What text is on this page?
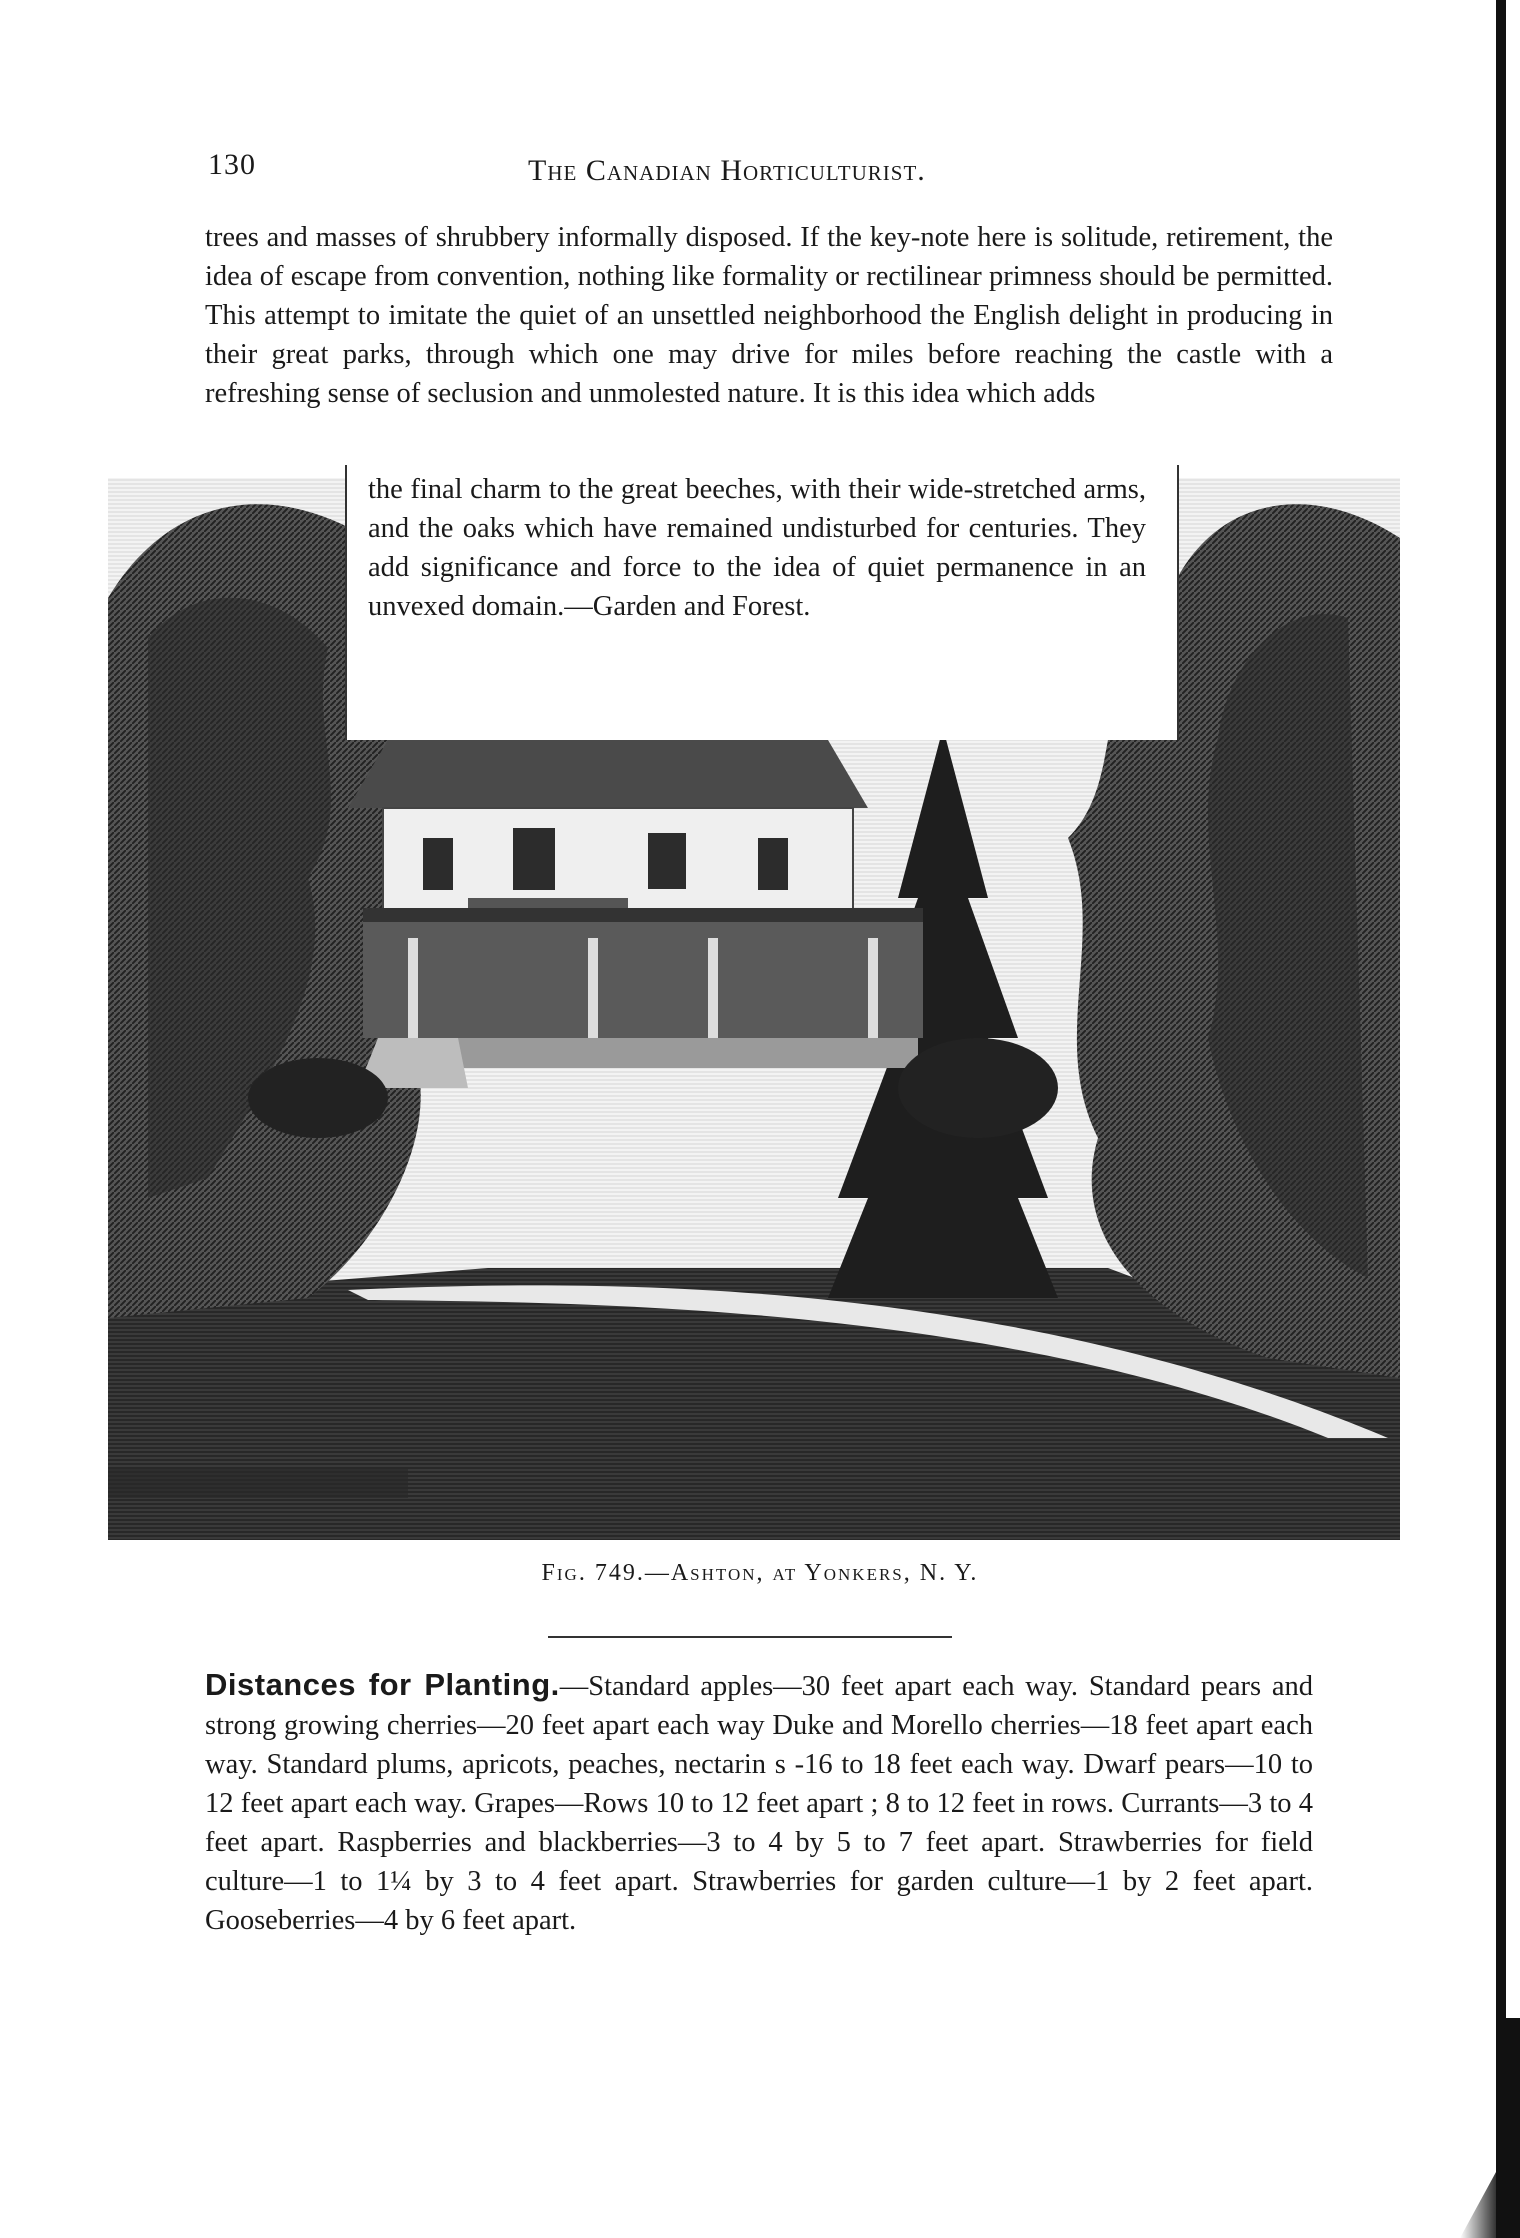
130	The Canadian Horticulturist.

trees and masses of shrubbery informally disposed. If the key-note here is solitude, retirement, the idea of escape from convention, nothing like formality or rectilinear primness should be permitted. This attempt to imitate the quiet of an unsettled neighborhood the English delight in producing in their great parks, through which one may drive for miles before reaching the castle with a refreshing sense of seclusion and unmolested nature. It is this idea which adds

the final charm to the great beeches, with their wide-stretched arms, and the oaks which have remained undisturbed for centuries. They add significance and force to the idea of quiet permanence in an unvexed domain.—Garden and Forest.

Fig. 749.—Ashton, at Yonkers, N. Y.

Distances for Planting.—Standard apples—30 feet apart each way. Standard pears and strong growing cherries—20 feet apart each way Duke and Morello cherries—18 feet apart each way. Standard plums, apricots, peaches, nectarin s -16 to 18 feet each way. Dwarf pears—10 to 12 feet apart each way. Grapes—Rows 10 to 12 feet apart ; 8 to 12 feet in rows. Currants—3 to 4 feet apart. Raspberries and blackberries—3 to 4 by 5 to 7 feet apart. Strawberries for field culture—1 to 1¼ by 3 to 4 feet apart. Strawberries for garden culture—1 by 2 feet apart. Gooseberries—4 by 6 feet apart.
